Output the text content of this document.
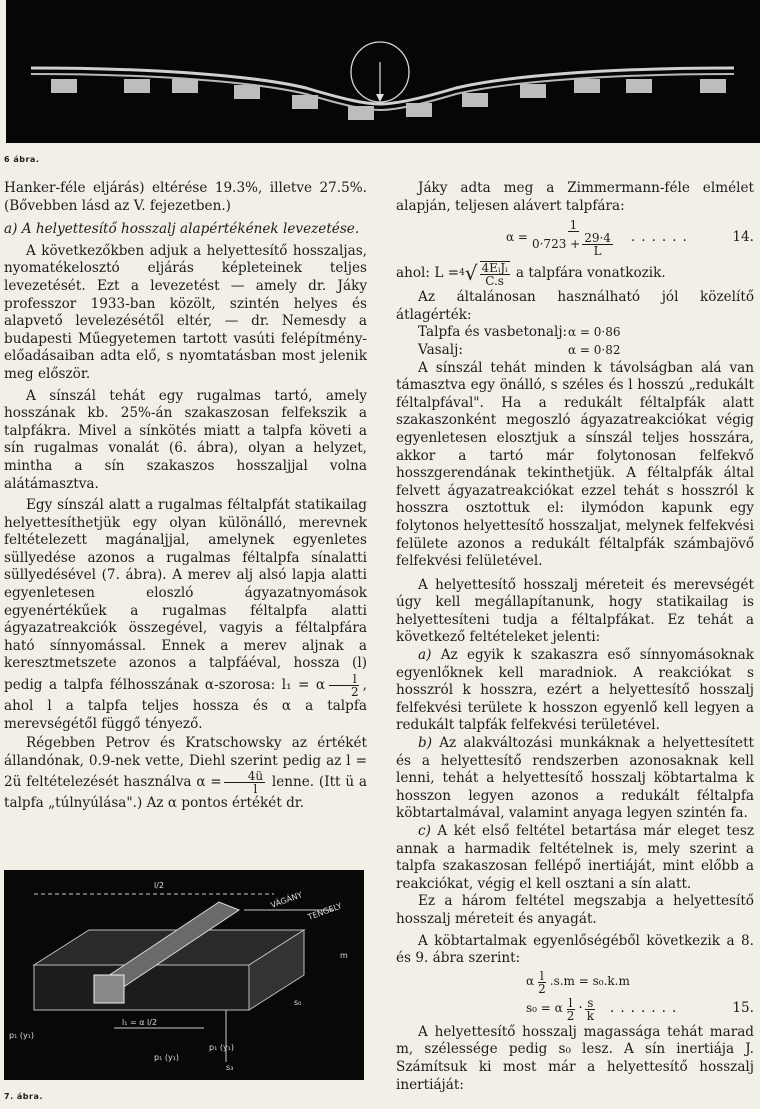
6 ábra.

Hanker-féle eljárás) eltérése 19.3%, illetve 27.5%. (Bővebben lásd az V. fejezetben.)

a) A helyettesítő hosszalj alapértékének levezetése.

A következőkben adjuk a helyettesítő hosszaljas, nyomatékelosztó eljárás képleteinek teljes levezetését. Ezt a levezetést — amely dr. Jáky professzor 1933-ban közölt, szintén helyes és alapvető levelezésétől eltér, — dr. Nemesdy a budapesti Műegyetemen tartott vasúti felépítmény-előadásaiban adta elő, s nyomtatásban most jelenik meg először.

A sínszál tehát egy rugalmas tartó, amely hosszának kb. 25%-án szakaszosan felfekszik a talpfákra. Mivel a sínkötés miatt a talpfa követi a sín rugalmas vonalát (6. ábra), olyan a helyzet, mintha a sín szakaszos hosszaljjal volna alátámasztva.

Egy sínszál alatt a rugalmas féltalpfát statikailag helyettesíthetjük egy olyan különálló, merevnek feltételezett magánaljjal, amelynek egyenletes süllyedése azonos a rugalmas féltalpfa sínalatti süllyedésével (7. ábra). A merev alj alsó lapja alatti egyenletesen eloszló ágyazatnyomások egyenértékűek a rugalmas féltalpfa alatti ágyazatreakciók összegével, vagyis a féltalpfára ható sínnyomással. Ennek a merev aljnak a keresztmetszete azonos a talpfáéval, hossza (l) pedig a talpfa félhosszának α-szorosa: l₁ = α $\frac{l}{2}$ , ahol l a talpfa teljes hossza és α a talpfa merevségétől függő tényező.

Régebben Petrov és Kratschowsky az értékét állandónak, 0.9-nek vette, Diehl szerint pedig az l = 2ü feltételezését használva $\alpha = \frac{4ü}{l}$ lenne. (Itt ü a talpfa „túlnyúlása".) Az α pontos értékét dr.

l/2
VÁGÁNY
TENGELY
m
l₁ = α l/2
p₁ (y₁)
p₁ (y₁)
p₁ (y₁)
s₀
s₃
7. ábra.

Jáky adta meg a Zimmermann-féle elmélet alapján, teljesen alávert talpfára:

$\alpha = \frac{1}{0\cdot 723 + \frac{29\cdot 4}{L}}$ ......	14.
ahol:
L = 4 √ $\frac{\text{4EᵢJᵢ}}{C.s}$
a talpfára vonatkozik.

Az általánosan használható jól közelítő átlagérték:

Talpfa és vasbetonalj: α = 0·86
Vasalj:	α = 0·82

A sínszál tehát minden k távolságban alá van támasztva egy önálló, s széles és l hosszú „redukált féltalpfával". Ha a redukált féltalpfák alatt szakaszonként megoszló ágyazatreakciókat végig egyenletesen elosztjuk a sínszál teljes hosszára, akkor a tartó már folytonosan felfekvő hosszgerendának tekinthetjük. A féltalpfák által felvett ágyazatreakciókat ezzel tehát s hosszról k hosszra osztottuk el: ilymódon kapunk egy folytonos helyettesítő hosszaljat, melynek felfekvési felülete azonos a redukált féltalpfák számbajövő felfekvési felületével.

A helyettesítő hosszalj méreteit és merevségét úgy kell megállapítanunk, hogy statikailag is helyettesíteni tudja a féltalpfákat. Ez tehát a következő feltételeket jelenti:

a) Az egyik k szakaszra eső sínnyomásoknak egyenlőknek kell maradniok. A reakciókat s hosszról k hosszra, ezért a helyettesítő hosszalj felfekvési területe k hosszon egyenlő kell legyen a redukált talpfák felfekvési területével.

b) Az alakváltozási munkáknak a helyettesített és a helyettesítő rendszerben azonosaknak kell lenni, tehát a helyettesítő hosszalj köbtartalma k hosszon legyen azonos a redukált féltalpfa köbtartalmával, valamint anyaga legyen szintén fa.

c) A két első feltétel betartása már eleget tesz annak a harmadik feltételnek is, mely szerint a talpfa szakaszosan fellépő inertiáját, mint előbb a reakciókat, végig el kell osztani a sín alatt.

Ez a három feltétel megszabja a helyettesítő hosszalj méreteit és anyagát.

A köbtartalmak egyenlőségéből következik a 8. és 9. ábra szerint:

α $\frac{l}{2} .s.m = s_0.k.m$
s₀ = α $\frac{l}{2} \cdot \frac{s}{k}$ .......	15.

A helyettesítő hosszalj magassága tehát marad m, szélessége pedig s₀ lesz. A sín inertiája J. Számítsuk ki most már a helyettesítő hosszalj inertiáját:
